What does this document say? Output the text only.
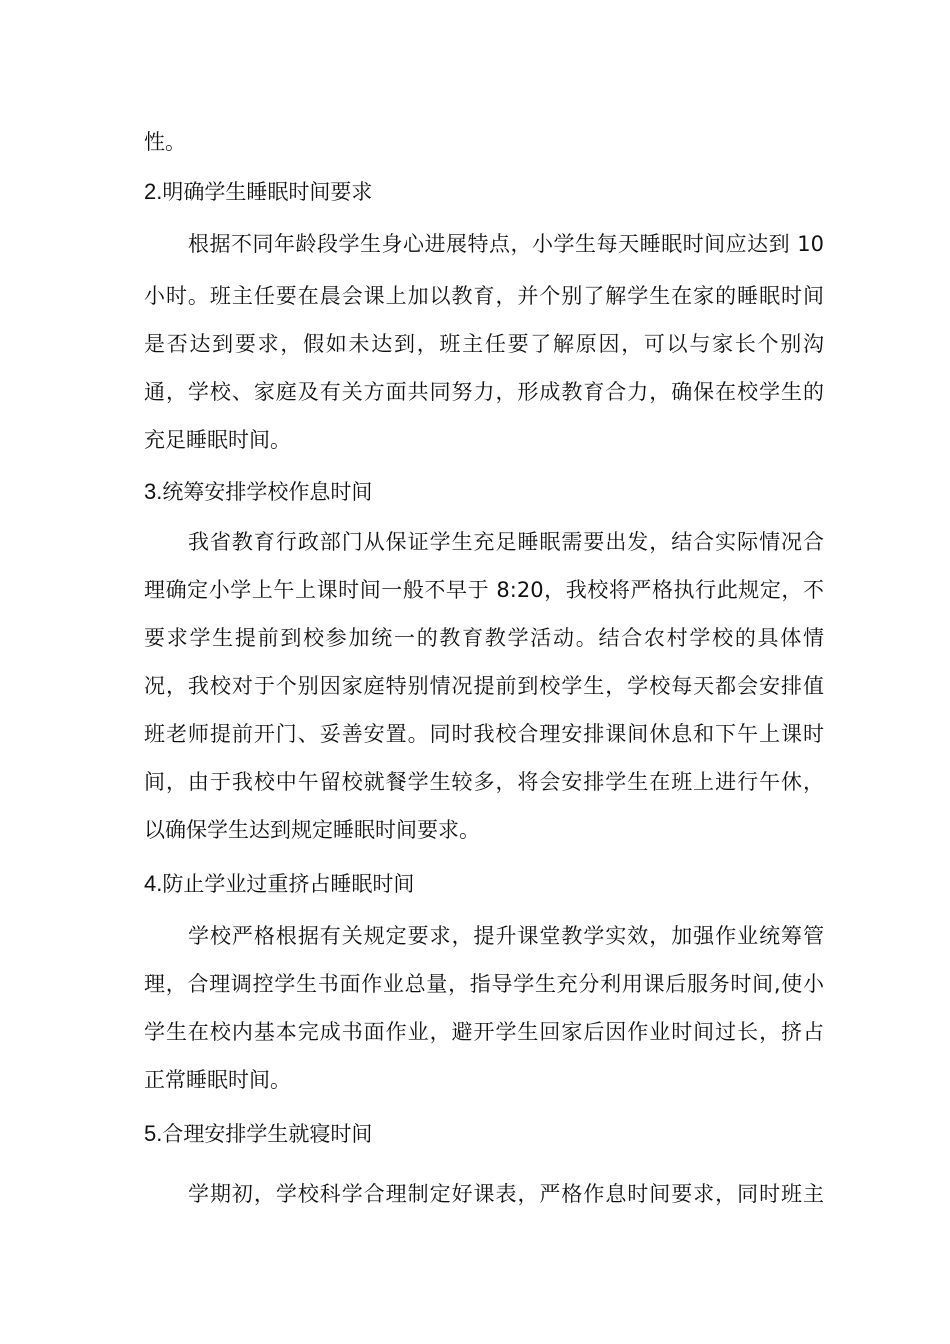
性。
2.明确学生睡眠时间要求
根据不同年龄段学生身心进展特点，小学生每天睡眠时间应达到 10
小时。班主任要在晨会课上加以教育，并个别了解学生在家的睡眠时间
是否达到要求，假如未达到，班主任要了解原因，可以与家长个别沟
通，学校、家庭及有关方面共同努力，形成教育合力，确保在校学生的
充足睡眠时间。
3.统筹安排学校作息时间
我省教育行政部门从保证学生充足睡眠需要出发，结合实际情况合
理确定小学上午上课时间一般不早于 8:20，我校将严格执行此规定，不
要求学生提前到校参加统一的教育教学活动。结合农村学校的具体情
况，我校对于个别因家庭特别情况提前到校学生，学校每天都会安排值
班老师提前开门、妥善安置。同时我校合理安排课间休息和下午上课时
间，由于我校中午留校就餐学生较多，将会安排学生在班上进行午休，
以确保学生达到规定睡眠时间要求。
4.防止学业过重挤占睡眠时间
学校严格根据有关规定要求，提升课堂教学实效，加强作业统筹管
理，合理调控学生书面作业总量，指导学生充分利用课后服务时间,使小
学生在校内基本完成书面作业，避开学生回家后因作业时间过长，挤占
正常睡眠时间。
5.合理安排学生就寝时间
学期初，学校科学合理制定好课表，严格作息时间要求，同时班主
